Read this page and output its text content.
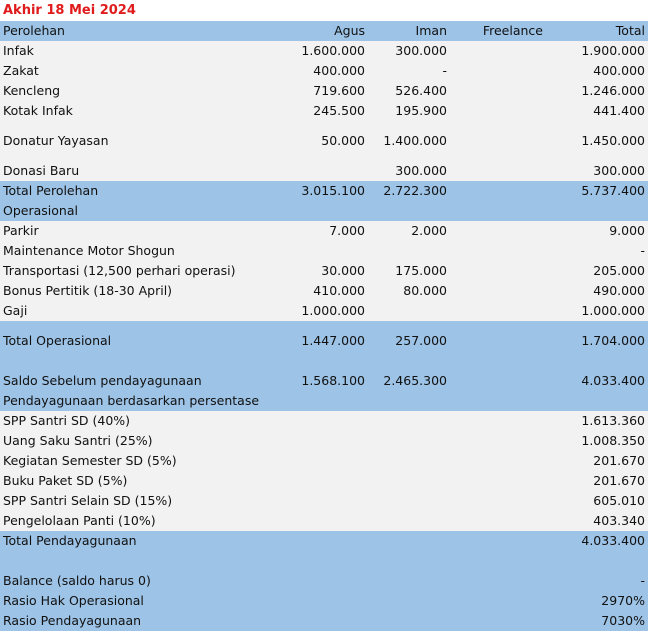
Akhir 18 Mei 2024
Perolehan	Agus	Iman	Freelance	Total
Infak	1.600.000	300.000		1.900.000
Zakat	400.000	-		400.000
Kencleng	719.600	526.400		1.246.000
Kotak Infak	245.500	195.900		441.400
Donatur Yayasan	50.000	1.400.000		1.450.000
Donasi Baru		300.000		300.000
Total Perolehan	3.015.100	2.722.300		5.737.400
Operasional				
Parkir	7.000	2.000		9.000
Maintenance Motor Shogun				-
Transportasi (12,500 perhari operasi)	30.000	175.000		205.000
Bonus Pertitik (18-30 April)	410.000	80.000		490.000
Gaji	1.000.000			1.000.000
Total Operasional	1.447.000	257.000		1.704.000
Saldo Sebelum pendayagunaan	1.568.100	2.465.300		4.033.400
Pendayagunaan berdasarkan persentase				
SPP Santri SD (40%)				1.613.360
Uang Saku Santri (25%)				1.008.350
Kegiatan Semester SD (5%)				201.670
Buku Paket SD (5%)				201.670
SPP Santri Selain SD (15%)				605.010
Pengelolaan Panti (10%)				403.340
Total Pendayagunaan				4.033.400
Balance (saldo harus 0)				-
Rasio Hak Operasional				2970%
Rasio Pendayagunaan				7030%
